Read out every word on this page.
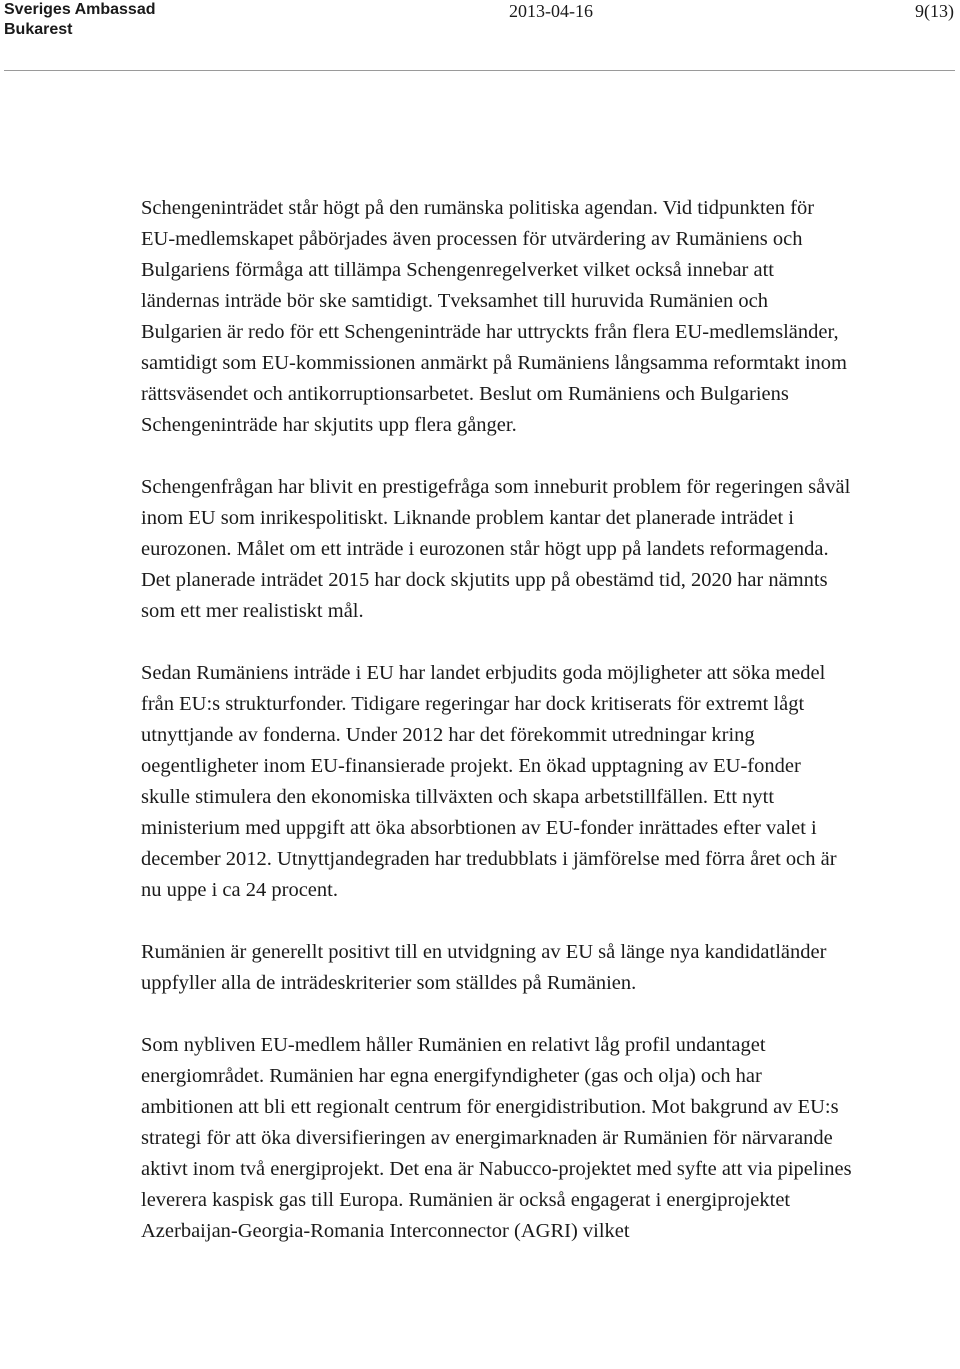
Sveriges Ambassad
Bukarest
2013-04-16	9(13)

Schengeninträdet står högt på den rumänska politiska agendan. Vid tidpunkten för EU-medlemskapet påbörjades även processen för utvärdering av Rumäniens och Bulgariens förmåga att tillämpa Schengenregelverket vilket också innebar att ländernas inträde bör ske samtidigt. Tveksamhet till huruvida Rumänien och Bulgarien är redo för ett Schengeninträde har uttryckts från flera EU-medlemsländer, samtidigt som EU-kommissionen anmärkt på Rumäniens långsamma reformtakt inom rättsväsendet och antikorruptionsarbetet. Beslut om Rumäniens och Bulgariens Schengeninträde har skjutits upp flera gånger.

Schengenfrågan har blivit en prestigefråga som inneburit problem för regeringen såväl inom EU som inrikespolitiskt. Liknande problem kantar det planerade inträdet i eurozonen. Målet om ett inträde i eurozonen står högt upp på landets reformagenda. Det planerade inträdet 2015 har dock skjutits upp på obestämd tid, 2020 har nämnts som ett mer realistiskt mål.

Sedan Rumäniens inträde i EU har landet erbjudits goda möjligheter att söka medel från EU:s strukturfonder. Tidigare regeringar har dock kritiserats för extremt lågt utnyttjande av fonderna. Under 2012 har det förekommit utredningar kring oegentligheter inom EU-finansierade projekt. En ökad upptagning av EU-fonder skulle stimulera den ekonomiska tillväxten och skapa arbetstillfällen. Ett nytt ministerium med uppgift att öka absorbtionen av EU-fonder inrättades efter valet i december 2012. Utnyttjandegraden har tredubblats i jämförelse med förra året och är nu uppe i ca 24 procent.

Rumänien är generellt positivt till en utvidgning av EU så länge nya kandidatländer uppfyller alla de inträdeskriterier som ställdes på Rumänien.

Som nybliven EU-medlem håller Rumänien en relativt låg profil undantaget energiområdet. Rumänien har egna energifyndigheter (gas och olja) och har ambitionen att bli ett regionalt centrum för energidistribution. Mot bakgrund av EU:s strategi för att öka diversifieringen av energimarknaden är Rumänien för närvarande aktivt inom två energiprojekt. Det ena är Nabucco-projektet med syfte att via pipelines leverera kaspisk gas till Europa. Rumänien är också engagerat i energiprojektet Azerbaijan-Georgia-Romania Interconnector (AGRI) vilket
